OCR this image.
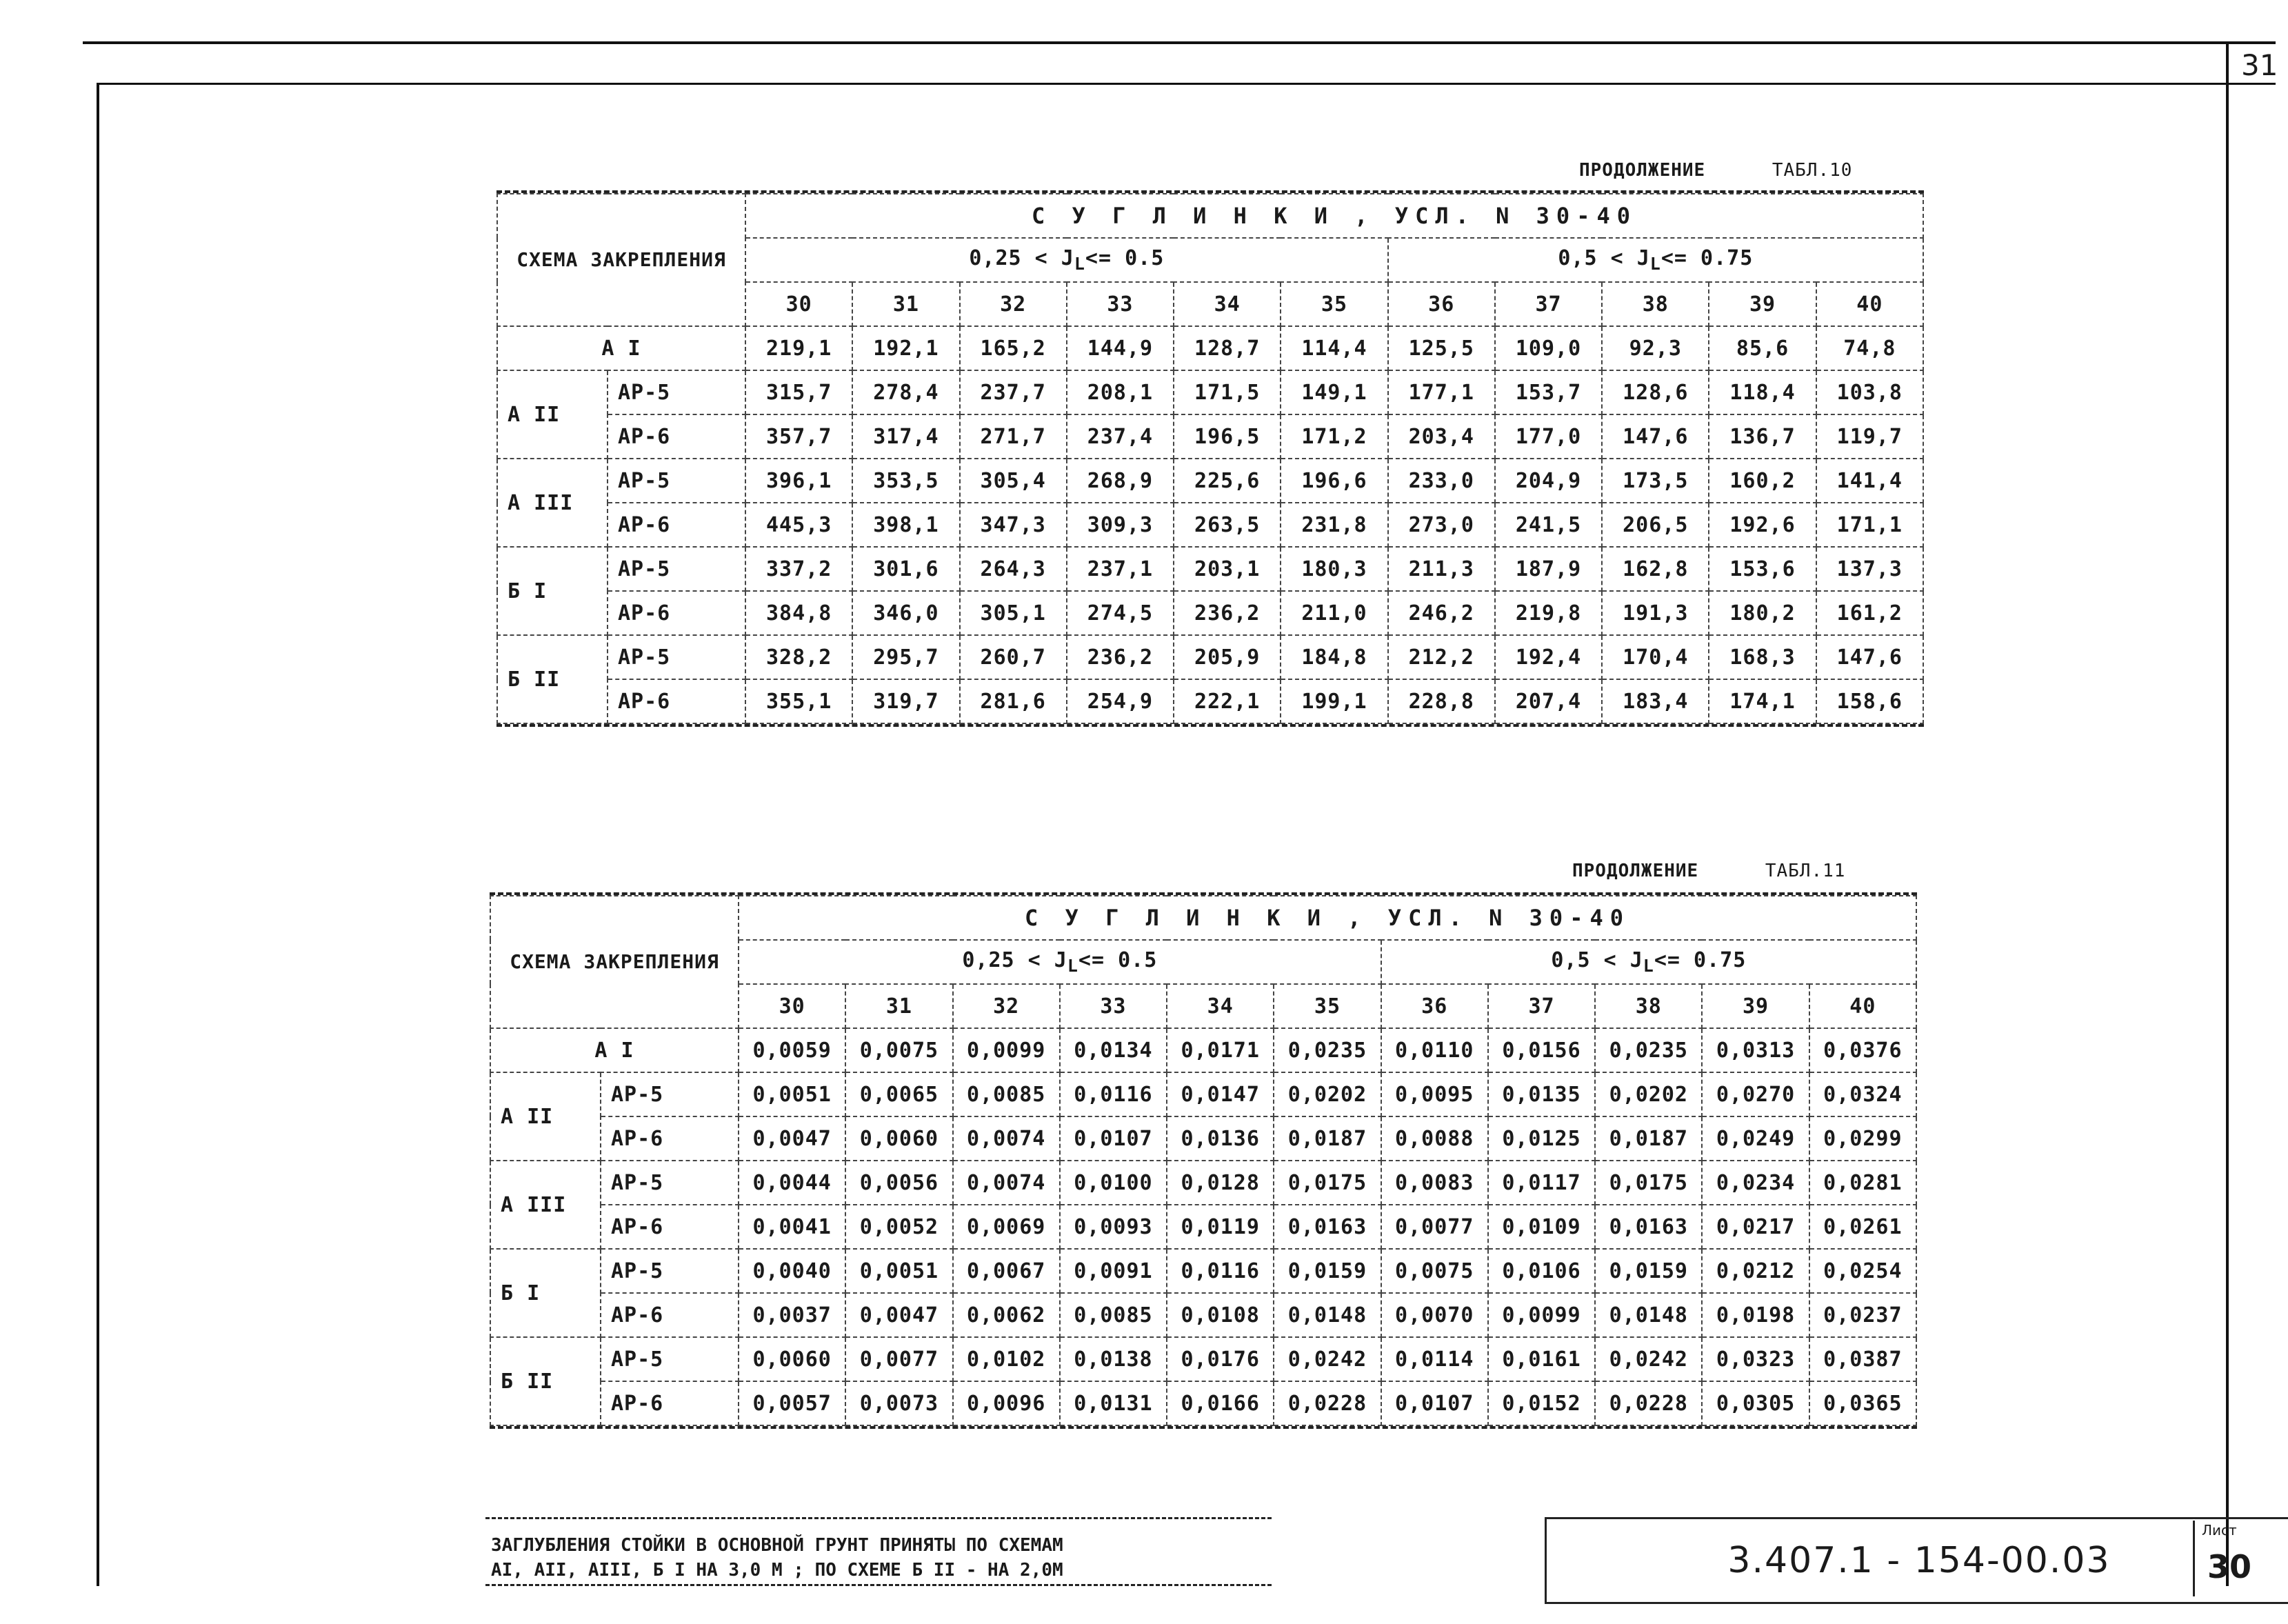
31
ПРОДОЛЖЕНИЕ	ТАБЛ.10
СХЕМА ЗАКРЕПЛЕНИЯ		С У Г Л И Н К И , УСЛ. N 30-40										
		$0,25 < J_L<= 0.5$						$0,5 < J_L<= 0.75$				
		30	31	32	33	34	35	36	37	38	39	40
А I		219,1	192,1	165,2	144,9	128,7	114,4	125,5	109,0	92,3	85,6	74,8
А II	АР-5	315,7	278,4	237,7	208,1	171,5	149,1	177,1	153,7	128,6	118,4	103,8
	АР-6	357,7	317,4	271,7	237,4	196,5	171,2	203,4	177,0	147,6	136,7	119,7
А III	АР-5	396,1	353,5	305,4	268,9	225,6	196,6	233,0	204,9	173,5	160,2	141,4
	АР-6	445,3	398,1	347,3	309,3	263,5	231,8	273,0	241,5	206,5	192,6	171,1
Б I	АР-5	337,2	301,6	264,3	237,1	203,1	180,3	211,3	187,9	162,8	153,6	137,3
	АР-6	384,8	346,0	305,1	274,5	236,2	211,0	246,2	219,8	191,3	180,2	161,2
Б II	АР-5	328,2	295,7	260,7	236,2	205,9	184,8	212,2	192,4	170,4	168,3	147,6
	АР-6	355,1	319,7	281,6	254,9	222,1	199,1	228,8	207,4	183,4	174,1	158,6
ПРОДОЛЖЕНИЕ	ТАБЛ.11
СХЕМА ЗАКРЕПЛЕНИЯ		С У Г Л И Н К И , УСЛ. N 30-40										
		$0,25 < J_L<= 0.5$						$0,5 < J_L<= 0.75$				
		30	31	32	33	34	35	36	37	38	39	40
А I		0,0059	0,0075	0,0099	0,0134	0,0171	0,0235	0,0110	0,0156	0,0235	0,0313	0,0376
А II	АР-5	0,0051	0,0065	0,0085	0,0116	0,0147	0,0202	0,0095	0,0135	0,0202	0,0270	0,0324
	АР-6	0,0047	0,0060	0,0074	0,0107	0,0136	0,0187	0,0088	0,0125	0,0187	0,0249	0,0299
А III	АР-5	0,0044	0,0056	0,0074	0,0100	0,0128	0,0175	0,0083	0,0117	0,0175	0,0234	0,0281
	АР-6	0,0041	0,0052	0,0069	0,0093	0,0119	0,0163	0,0077	0,0109	0,0163	0,0217	0,0261
Б I	АР-5	0,0040	0,0051	0,0067	0,0091	0,0116	0,0159	0,0075	0,0106	0,0159	0,0212	0,0254
	АР-6	0,0037	0,0047	0,0062	0,0085	0,0108	0,0148	0,0070	0,0099	0,0148	0,0198	0,0237
Б II	АР-5	0,0060	0,0077	0,0102	0,0138	0,0176	0,0242	0,0114	0,0161	0,0242	0,0323	0,0387
	АР-6	0,0057	0,0073	0,0096	0,0131	0,0166	0,0228	0,0107	0,0152	0,0228	0,0305	0,0365
ЗАГЛУБЛЕНИЯ СТОЙКИ В ОСНОВНОЙ ГРУНТ ПРИНЯТЫ ПО СХЕМАМ
АI, АII, АIII, Б I НА 3,0 М ; ПО СХЕМЕ Б II - НА 2,0М	3.407.1 - 154-00.03
Лист
30
